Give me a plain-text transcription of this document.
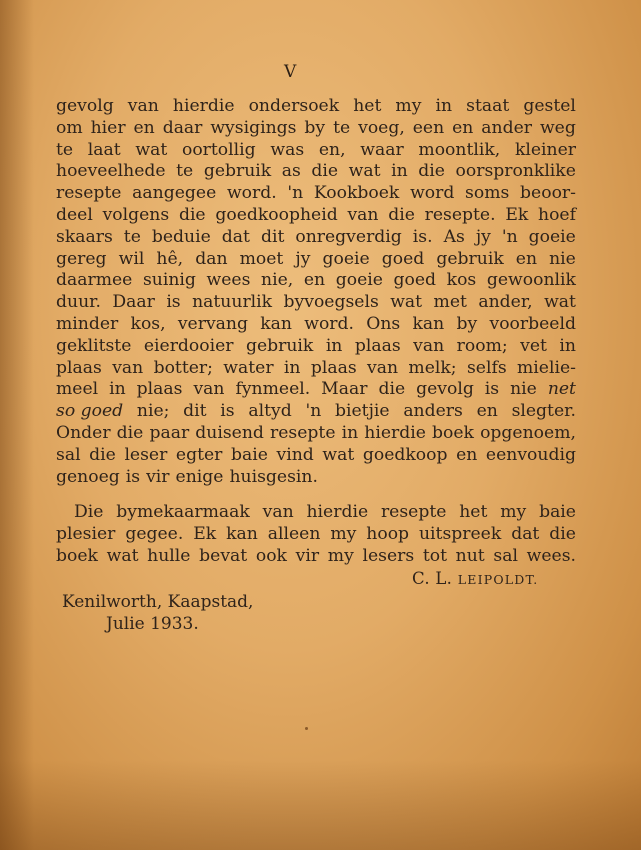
V
gevolg van hierdie ondersoek het my in staat gestel
om hier en daar wysigings by te voeg, een en ander weg
te laat wat oortollig was en, waar moontlik, kleiner
hoeveelhede te gebruik as die wat in die oorspronklike
resepte aangegee word. 'n Kookboek word soms beoor-
deel volgens die goedkoopheid van die resepte. Ek hoef
skaars te beduie dat dit onregverdig is. As jy 'n goeie
gereg wil hê, dan moet jy goeie goed gebruik en nie
daarmee suinig wees nie, en goeie goed kos gewoonlik
duur. Daar is natuurlik byvoegsels wat met ander, wat
minder kos, vervang kan word. Ons kan by voorbeeld
geklitste eierdooier gebruik in plaas van room; vet in
plaas van botter; water in plaas van melk; selfs mielie-
meel in plaas van fynmeel. Maar die gevolg is nie net
so goed nie; dit is altyd 'n bietjie anders en slegter.
Onder die paar duisend resepte in hierdie boek opgenoem,
sal die leser egter baie vind wat goedkoop en eenvoudig
genoeg is vir enige huisgesin.
Die bymekaarmaak van hierdie resepte het my baie
plesier gegee. Ek kan alleen my hoop uitspreek dat die
boek wat hulle bevat ook vir my lesers tot nut sal wees.
C. L. LEIPOLDT.
Kenilworth, Kaapstad,
Julie 1933.
